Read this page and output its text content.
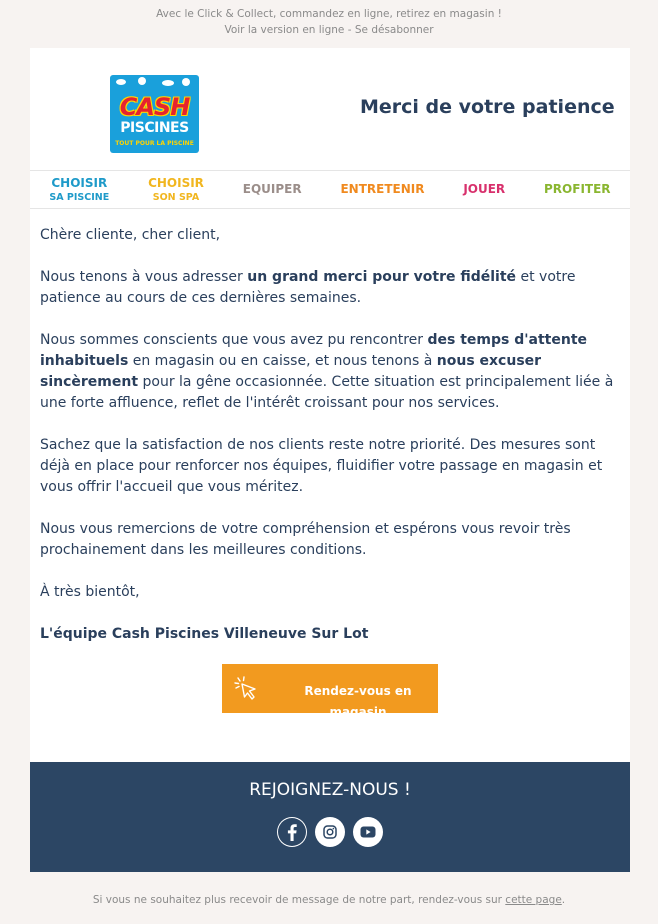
Avec le Click & Collect, commandez en ligne, retirez en magasin !
Voir la version en ligne - Se désabonner
CASH
PISCINES
TOUT POUR LA PISCINE
Merci de votre patience
CHOISIR
SA PISCINE
CHOISIR
SON SPA
EQUIPER	ENTRETENIR	JOUER	PROFITER

Chère cliente, cher client,

Nous tenons à vous adresser un grand merci pour votre fidélité et votre patience au cours de ces dernières semaines.

Nous sommes conscients que vous avez pu rencontrer des temps d'attente inhabituels en magasin ou en caisse, et nous tenons à nous excuser sincèrement pour la gêne occasionnée. Cette situation est principalement liée à une forte affluence, reflet de l'intérêt croissant pour nos services.

Sachez que la satisfaction de nos clients reste notre priorité. Des mesures sont déjà en place pour renforcer nos équipes, fluidifier votre passage en magasin et vous offrir l'accueil que vous méritez.

Nous vous remercions de votre compréhension et espérons vous revoir très prochainement dans les meilleures conditions.

À très bientôt,

L'équipe Cash Piscines Villeneuve Sur Lot

Rendez-vous en magasin
REJOIGNEZ-NOUS !
Si vous ne souhaitez plus recevoir de message de notre part, rendez-vous sur cette page.
